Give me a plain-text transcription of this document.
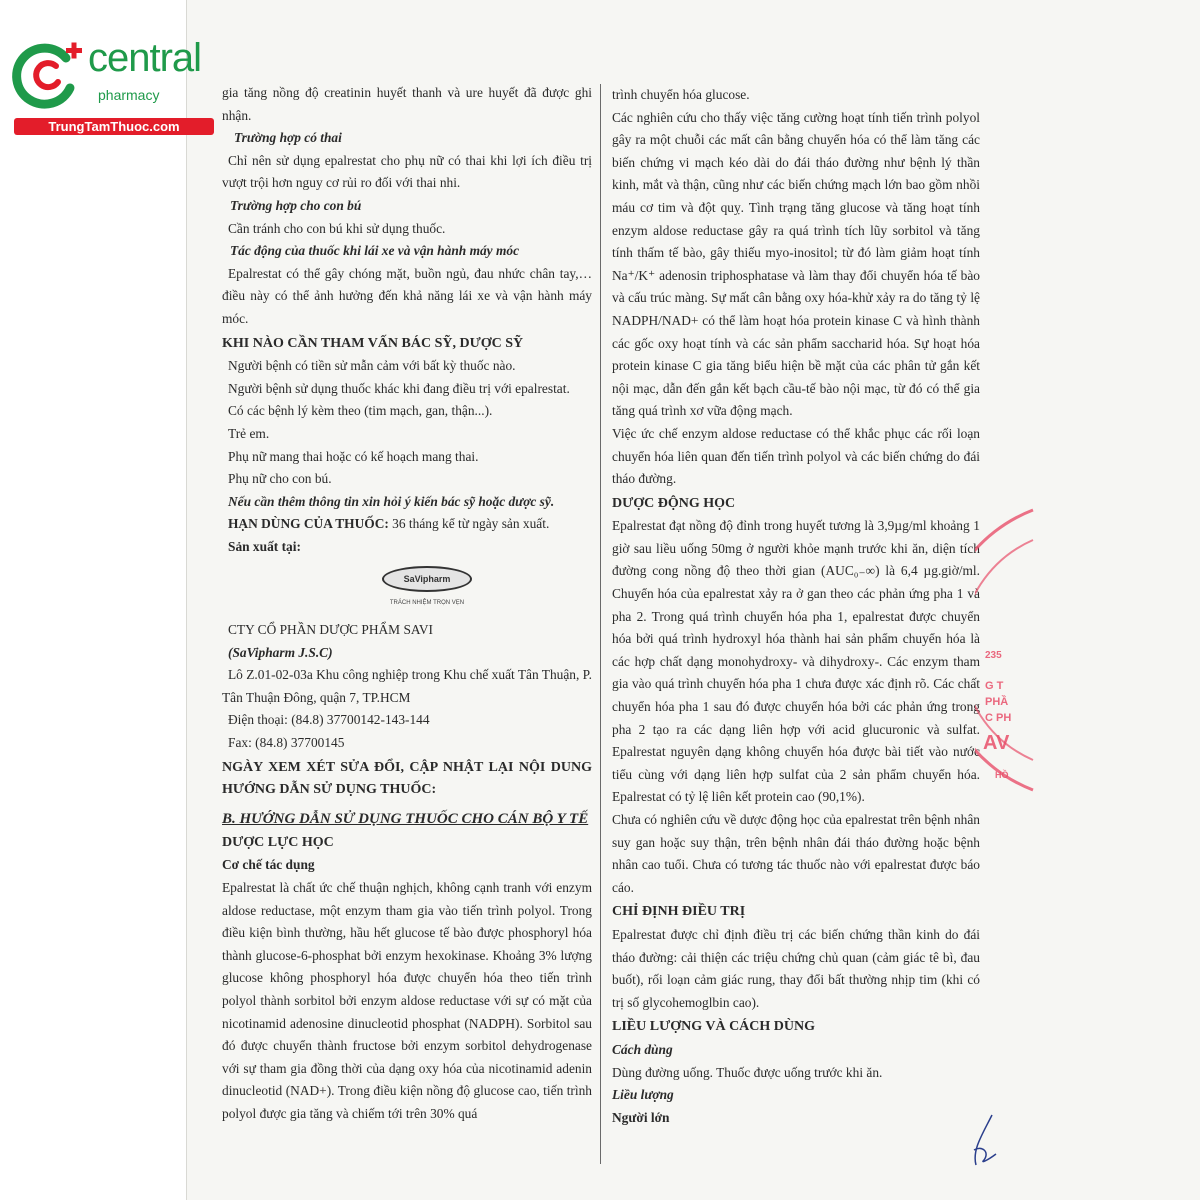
central
pharmacy
TrungTamThuoc.com

gia tăng nồng độ creatinin huyết thanh và ure huyết đã được ghi nhận.

Trường hợp có thai

Chỉ nên sử dụng epalrestat cho phụ nữ có thai khi lợi ích điều trị vượt trội hơn nguy cơ rủi ro đối với thai nhi.

Trường hợp cho con bú

Cần tránh cho con bú khi sử dụng thuốc.

Tác động của thuốc khi lái xe và vận hành máy móc

Epalrestat có thể gây chóng mặt, buồn ngủ, đau nhức chân tay,… điều này có thể ảnh hưởng đến khả năng lái xe và vận hành máy móc.

KHI NÀO CẦN THAM VẤN BÁC SỸ, DƯỢC SỸ

Người bệnh có tiền sử mẫn cảm với bất kỳ thuốc nào.

Người bệnh sử dụng thuốc khác khi đang điều trị với epalrestat.

Có các bệnh lý kèm theo (tim mạch, gan, thận...).

Trẻ em.

Phụ nữ mang thai hoặc có kế hoạch mang thai.

Phụ nữ cho con bú.

Nếu cần thêm thông tin xin hỏi ý kiến bác sỹ hoặc dược sỹ.

HẠN DÙNG CỦA THUỐC: 36 tháng kể từ ngày sản xuất.

Sản xuất tại:

SaVipharm
TRÁCH NHIỆM TRỌN VẸN

CTY CỔ PHẦN DƯỢC PHẨM SAVI

(SaVipharm J.S.C)

Lô Z.01-02-03a Khu công nghiệp trong Khu chế xuất Tân Thuận, P. Tân Thuận Đông, quận 7, TP.HCM

Điện thoại: (84.8) 37700142-143-144

Fax: (84.8) 37700145

NGÀY XEM XÉT SỬA ĐỔI, CẬP NHẬT LẠI NỘI DUNG HƯỚNG DẪN SỬ DỤNG THUỐC:

B. HƯỚNG DẪN SỬ DỤNG THUỐC CHO CÁN BỘ Y TẾ

DƯỢC LỰC HỌC

Cơ chế tác dụng

Epalrestat là chất ức chế thuận nghịch, không cạnh tranh với enzym aldose reductase, một enzym tham gia vào tiến trình polyol. Trong điều kiện bình thường, hầu hết glucose tế bào được phosphoryl hóa thành glucose-6-phosphat bởi enzym hexokinase. Khoảng 3% lượng glucose không phosphoryl hóa được chuyển hóa theo tiến trình polyol thành sorbitol bởi enzym aldose reductase với sự có mặt của nicotinamid adenosine dinucleotid phosphat (NADPH). Sorbitol sau đó được chuyển thành fructose bởi enzym sorbitol dehydrogenase với sự tham gia đồng thời của dạng oxy hóa của nicotinamid adenin dinucleotid (NAD+). Trong điều kiện nồng độ glucose cao, tiến trình polyol được gia tăng và chiếm tới trên 30% quá

trình chuyển hóa glucose.

Các nghiên cứu cho thấy việc tăng cường hoạt tính tiến trình polyol gây ra một chuỗi các mất cân bằng chuyển hóa có thể làm tăng các biến chứng vi mạch kéo dài do đái tháo đường như bệnh lý thần kinh, mắt và thận, cũng như các biến chứng mạch lớn bao gồm nhồi máu cơ tim và đột quỵ. Tình trạng tăng glucose và tăng hoạt tính enzym aldose reductase gây ra quá trình tích lũy sorbitol và tăng tính thấm tế bào, gây thiếu myo-inositol; từ đó làm giảm hoạt tính Na⁺/K⁺ adenosin triphosphatase và làm thay đổi chuyển hóa tế bào và cấu trúc màng. Sự mất cân bằng oxy hóa-khử xảy ra do tăng tỷ lệ NADPH/NAD+ có thể làm hoạt hóa protein kinase C và hình thành các gốc oxy hoạt tính và các sản phẩm saccharid hóa. Sự hoạt hóa protein kinase C gia tăng biểu hiện bề mặt của các phân tử gắn kết nội mạc, dẫn đến gắn kết bạch cầu-tế bào nội mạc, từ đó có thể gia tăng quá trình xơ vữa động mạch.

Việc ức chế enzym aldose reductase có thể khắc phục các rối loạn chuyển hóa liên quan đến tiến trình polyol và các biến chứng do đái tháo đường.

DƯỢC ĐỘNG HỌC

Epalrestat đạt nồng độ đỉnh trong huyết tương là 3,9µg/ml khoảng 1 giờ sau liều uống 50mg ở người khỏe mạnh trước khi ăn, diện tích đường cong nồng độ theo thời gian (AUC₀₋∞) là 6,4 µg.giờ/ml. Chuyển hóa của epalrestat xảy ra ở gan theo các phản ứng pha 1 và pha 2. Trong quá trình chuyển hóa pha 1, epalrestat được chuyển hóa bởi quá trình hydroxyl hóa thành hai sản phẩm chuyển hóa là các hợp chất dạng monohydroxy- và dihydroxy-. Các enzym tham gia vào quá trình chuyển hóa pha 1 chưa được xác định rõ. Các chất chuyển hóa pha 1 sau đó được chuyển hóa bởi các phản ứng trong pha 2 tạo ra các dạng liên hợp với acid glucuronic và sulfat. Epalrestat nguyên dạng không chuyển hóa được bài tiết vào nước tiểu cùng với dạng liên hợp sulfat của 2 sản phẩm chuyển hóa. Epalrestat có tỷ lệ liên kết protein cao (90,1%).

Chưa có nghiên cứu về dược động học của epalrestat trên bệnh nhân suy gan hoặc suy thận, trên bệnh nhân đái tháo đường hoặc bệnh nhân cao tuổi. Chưa có tương tác thuốc nào với epalrestat được báo cáo.

CHỈ ĐỊNH ĐIỀU TRỊ

Epalrestat được chỉ định điều trị các biến chứng thần kinh do đái tháo đường: cải thiện các triệu chứng chủ quan (cảm giác tê bì, đau buốt), rối loạn cảm giác rung, thay đổi bất thường nhịp tim (khi có trị số glycohemoglbin cao).

LIỀU LƯỢNG VÀ CÁCH DÙNG

Cách dùng

Dùng đường uống. Thuốc được uống trước khi ăn.

Liều lượng

Người lớn

235
G T
PHẦ
C PH
AV
HỒ
